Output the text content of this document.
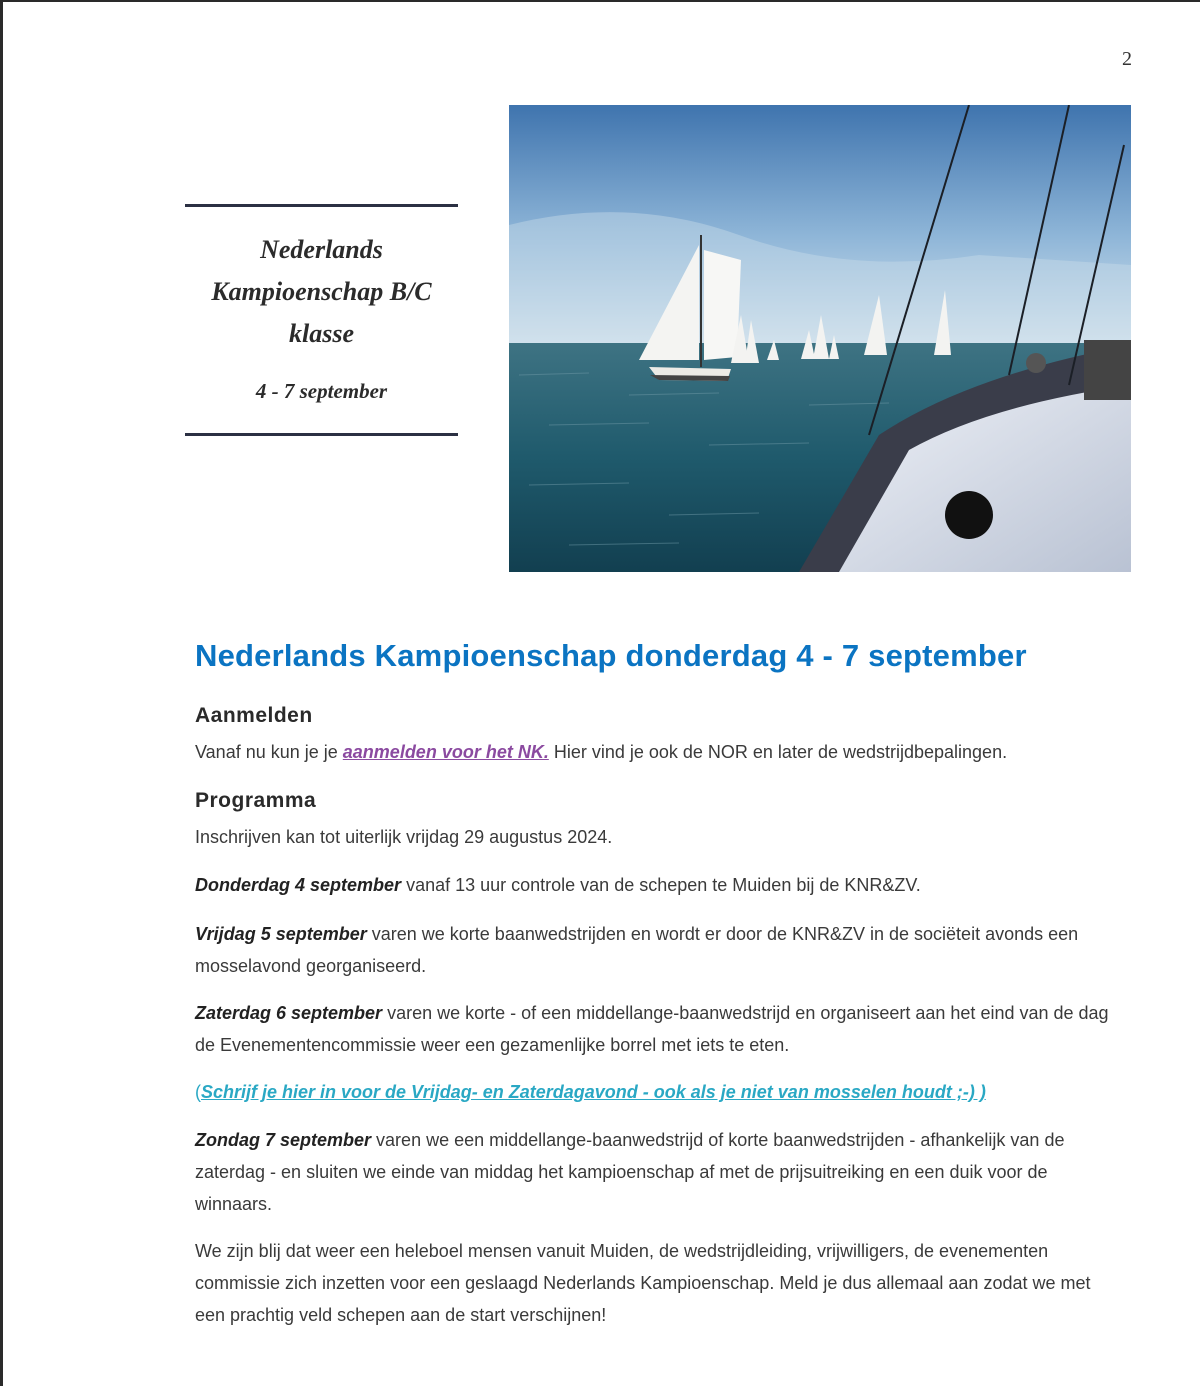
2
Nederlands
Kampioenschap B/C
klasse
4 - 7 september
Nederlands Kampioenschap donderdag 4 - 7 september
Aanmelden
Vanaf nu kun je je aanmelden voor het NK. Hier vind je ook de NOR en later de wedstrijdbepalingen.
Programma
Inschrijven kan tot uiterlijk vrijdag 29 augustus 2024.
Donderdag 4 september vanaf 13 uur controle van de schepen te Muiden bij de KNR&ZV.
Vrijdag 5 september varen we korte baanwedstrijden en wordt er door de KNR&ZV in de sociëteit avonds een mosselavond georganiseerd.
Zaterdag 6 september varen we korte - of een middellange-baanwedstrijd en organiseert aan het eind van de dag de Evenementencommissie weer een gezamenlijke borrel met iets te eten.
(Schrijf je hier in voor de Vrijdag- en Zaterdagavond - ook als je niet van mosselen houdt ;-) )
Zondag 7 september varen we een middellange-baanwedstrijd of korte baanwedstrijden - afhankelijk van de zaterdag - en sluiten we einde van middag het kampioenschap af met de prijsuitreiking en een duik voor de winnaars.
We zijn blij dat weer een heleboel mensen vanuit Muiden, de wedstrijdleiding, vrijwilligers, de evenementen commissie zich inzetten voor een geslaagd Nederlands Kampioenschap. Meld je dus allemaal aan zodat we met een prachtig veld schepen aan de start verschijnen!
